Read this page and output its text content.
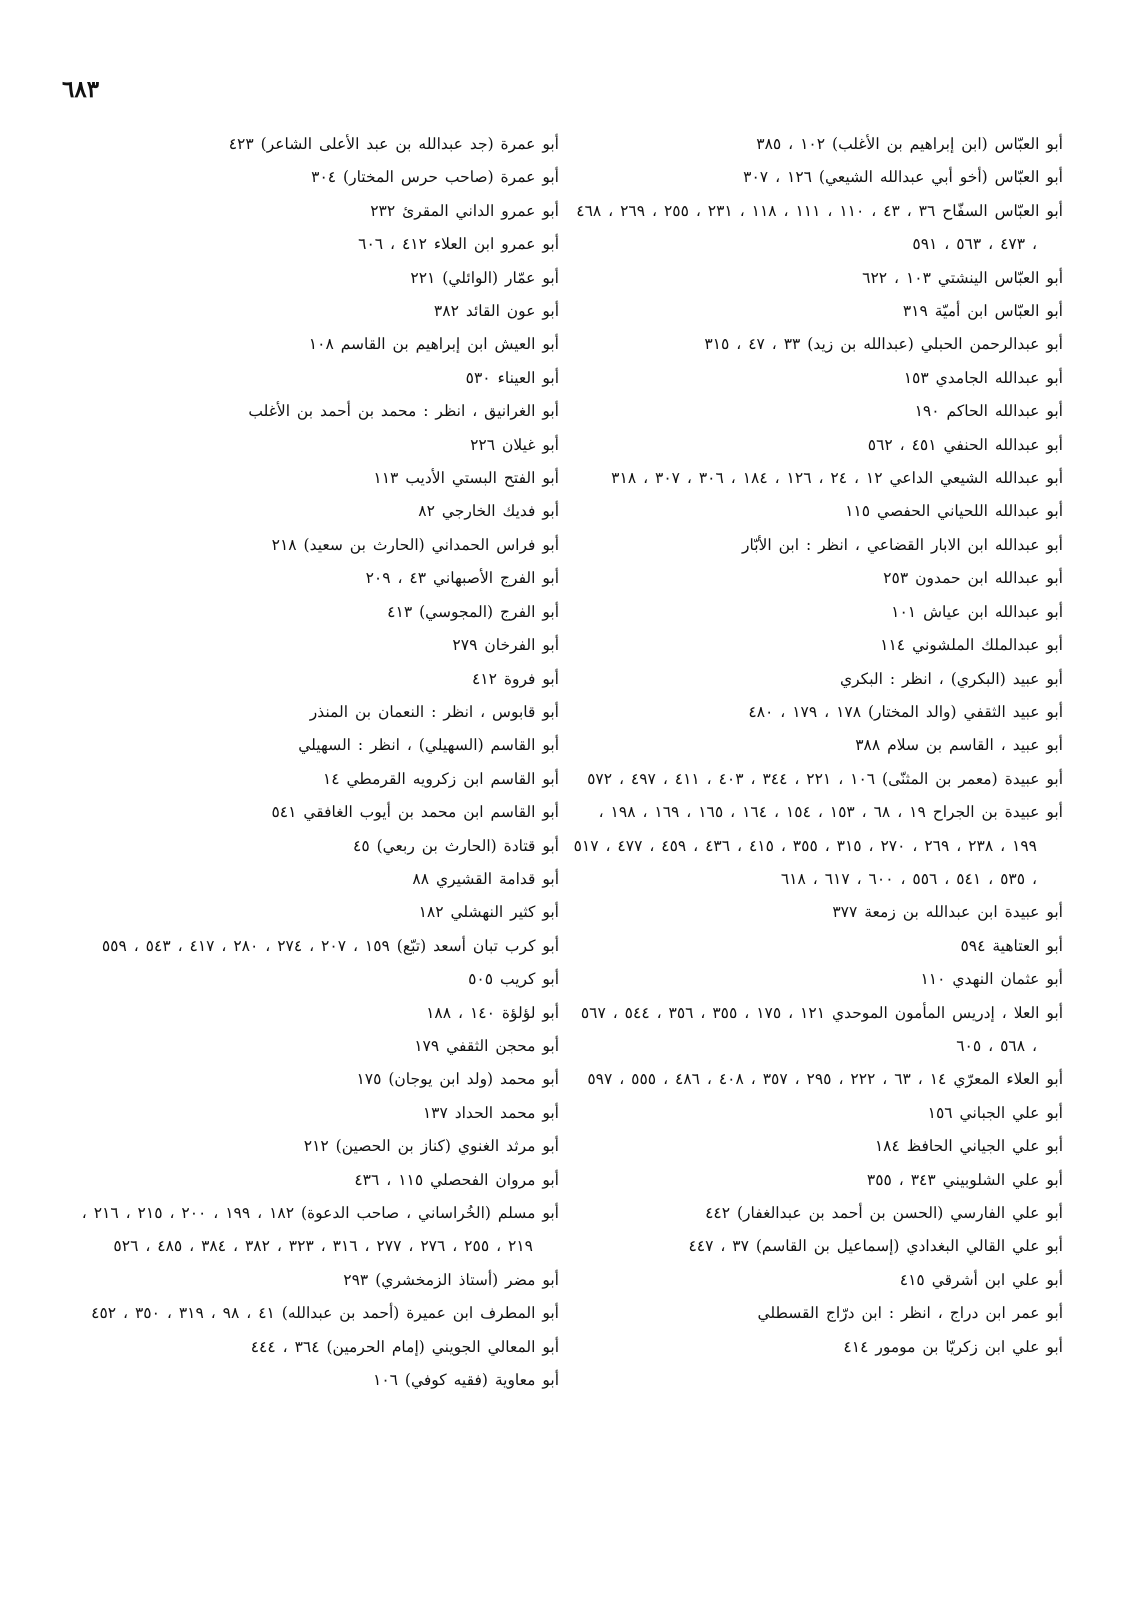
٦٨٣

أبو العبّاس (ابن إبراهيم بن الأغلب) ١٠٢ ، ٣٨٥

أبو العبّاس (أخو أبي عبدالله الشيعي) ١٢٦ ، ٣٠٧

أبو العبّاس السفّاح ٣٦ ، ٤٣ ، ١١٠ ، ١١١ ، ١١٨ ، ٢٣١ ، ٢٥٥ ، ٢٦٩ ، ٤٦٨ ، ٤٧٣ ، ٥٦٣ ، ٥٩١

أبو العبّاس الينشتي ١٠٣ ، ٦٢٢

أبو العبّاس ابن أميّة ٣١٩

أبو عبدالرحمن الحبلي (عبدالله بن زيد) ٣٣ ، ٤٧ ، ٣١٥

أبو عبدالله الجامدي ١٥٣

أبو عبدالله الحاكم ١٩٠

أبو عبدالله الحنفي ٤٥١ ، ٥٦٢

أبو عبدالله الشيعي الداعي ١٢ ، ٢٤ ، ١٢٦ ، ١٨٤ ، ٣٠٦ ، ٣٠٧ ، ٣١٨

أبو عبدالله اللحياني الحفصي ١١٥

أبو عبدالله ابن الابار القضاعي ، انظر : ابن الأبّار

أبو عبدالله ابن حمدون ٢٥٣

أبو عبدالله ابن عياش ١٠١

أبو عبدالملك الملشوني ١١٤

أبو عبيد (البكري) ، انظر : البكري

أبو عبيد الثقفي (والد المختار) ١٧٨ ، ١٧٩ ، ٤٨٠

أبو عبيد ، القاسم بن سلام ٣٨٨

أبو عبيدة (معمر بن المثنّى) ١٠٦ ، ٢٢١ ، ٣٤٤ ، ٤٠٣ ، ٤١١ ، ٤٩٧ ، ٥٧٢

أبو عبيدة بن الجراح ١٩ ، ٦٨ ، ١٥٣ ، ١٥٤ ، ١٦٤ ، ١٦٥ ، ١٦٩ ، ١٩٨ ، ١٩٩ ، ٢٣٨ ، ٢٦٩ ، ٢٧٠ ، ٣١٥ ، ٣٥٥ ، ٤١٥ ، ٤٣٦ ، ٤٥٩ ، ٤٧٧ ، ٥١٧ ، ٥٣٥ ، ٥٤١ ، ٥٥٦ ، ٦٠٠ ، ٦١٧ ، ٦١٨

أبو عبيدة ابن عبدالله بن زمعة ٣٧٧

أبو العتاهية ٥٩٤

أبو عثمان النهدي ١١٠

أبو العلا ، إدريس المأمون الموحدي ١٢١ ، ١٧٥ ، ٣٥٥ ، ٣٥٦ ، ٥٤٤ ، ٥٦٧ ، ٥٦٨ ، ٦٠٥

أبو العلاء المعرّي ١٤ ، ٦٣ ، ٢٢٢ ، ٢٩٥ ، ٣٥٧ ، ٤٠٨ ، ٤٨٦ ، ٥٥٥ ، ٥٩٧

أبو علي الجباني ١٥٦

أبو علي الجياني الحافظ ١٨٤

أبو علي الشلوبيني ٣٤٣ ، ٣٥٥

أبو علي الفارسي (الحسن بن أحمد بن عبدالغفار) ٤٤٢

أبو علي القالي البغدادي (إسماعيل بن القاسم) ٣٧ ، ٤٤٧

أبو علي ابن أشرقي ٤١٥

أبو عمر ابن دراج ، انظر : ابن درّاج القسطلي

أبو علي ابن زكريّا بن مومور ٤١٤

أبو عمرة (جد عبدالله بن عبد الأعلى الشاعر) ٤٢٣

أبو عمرة (صاحب حرس المختار) ٣٠٤

أبو عمرو الداني المقرئ ٢٣٢

أبو عمرو ابن العلاء ٤١٢ ، ٦٠٦

أبو عمّار (الوائلي) ٢٢١

أبو عون القائد ٣٨٢

أبو العيش ابن إبراهيم بن القاسم ١٠٨

أبو العيناء ٥٣٠

أبو الغرانيق ، انظر : محمد بن أحمد بن الأغلب

أبو غيلان ٢٢٦

أبو الفتح البستي الأديب ١١٣

أبو فديك الخارجي ٨٢

أبو فراس الحمداني (الحارث بن سعيد) ٢١٨

أبو الفرج الأصبهاني ٤٣ ، ٢٠٩

أبو الفرج (المجوسي) ٤١٣

أبو الفرخان ٢٧٩

أبو فروة ٤١٢

أبو قابوس ، انظر : النعمان بن المنذر

أبو القاسم (السهيلي) ، انظر : السهيلي

أبو القاسم ابن زكرويه القرمطي ١٤

أبو القاسم ابن محمد بن أيوب الغافقي ٥٤١

أبو قتادة (الحارث بن ربعي) ٤٥

أبو قدامة القشيري ٨٨

أبو كثير النهشلي ١٨٢

أبو كرب تبان أسعد (تبّع) ١٥٩ ، ٢٠٧ ، ٢٧٤ ، ٢٨٠ ، ٤١٧ ، ٥٤٣ ، ٥٥٩

أبو كريب ٥٠٥

أبو لؤلؤة ١٤٠ ، ١٨٨

أبو محجن الثقفي ١٧٩

أبو محمد (ولد ابن يوجان) ١٧٥

أبو محمد الحداد ١٣٧

أبو مرثد الغنوي (كناز بن الحصين) ٢١٢

أبو مروان الفحصلي ١١٥ ، ٤٣٦

أبو مسلم (الخُراساني ، صاحب الدعوة) ١٨٢ ، ١٩٩ ، ٢٠٠ ، ٢١٥ ، ٢١٦ ، ٢١٩ ، ٢٥٥ ، ٢٧٦ ، ٢٧٧ ، ٣١٦ ، ٣٢٣ ، ٣٨٢ ، ٣٨٤ ، ٤٨٥ ، ٥٢٦

أبو مضر (أستاذ الزمخشري) ٢٩٣

أبو المطرف ابن عميرة (أحمد بن عبدالله) ٤١ ، ٩٨ ، ٣١٩ ، ٣٥٠ ، ٤٥٢

أبو المعالي الجويني (إمام الحرمين) ٣٦٤ ، ٤٤٤

أبو معاوية (فقيه كوفي) ١٠٦
